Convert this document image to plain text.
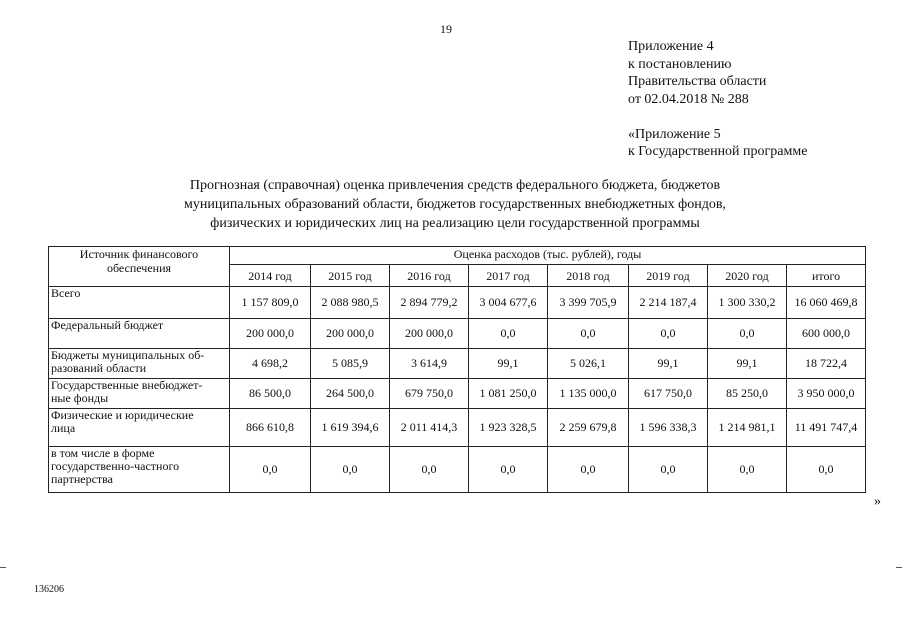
19
Приложение 4
к постановлению
Правительства области
от 02.04.2018 № 288
«Приложение 5
к Государственной программе
Прогнозная (справочная) оценка привлечения средств федерального бюджета, бюджетов
муниципальных образований области, бюджетов государственных внебюджетных фондов,
физических и юридических лиц на реализацию цели государственной программы
Источник финансового
обеспечения	Оценка расходов (тыс. рублей), годы							
	2014 год	2015 год	2016 год	2017 год	2018 год	2019 год	2020 год	итого

Всего	1 157 809,0	2 088 980,5	2 894 779,2	3 004 677,6	3 399 705,9	2 214 187,4	1 300 330,2	16 060 469,8

Федеральный бюджет	200 000,0	200 000,0	200 000,0	0,0	0,0	0,0	0,0	600 000,0

Бюджеты муниципальных об-
разований области	4 698,2	5 085,9	3 614,9	99,1	5 026,1	99,1	99,1	18 722,4

Государственные внебюджет-
ные фонды	86 500,0	264 500,0	679 750,0	1 081 250,0	1 135 000,0	617 750,0	85 250,0	3 950 000,0

Физические и юридические
лица	866 610,8	1 619 394,6	2 011 414,3	1 923 328,5	2 259 679,8	1 596 338,3	1 214 981,1	11 491 747,4

в том числе в форме
государственно-частного
партнерства	0,0	0,0	0,0	0,0	0,0	0,0	0,0	0,0
»
136206
